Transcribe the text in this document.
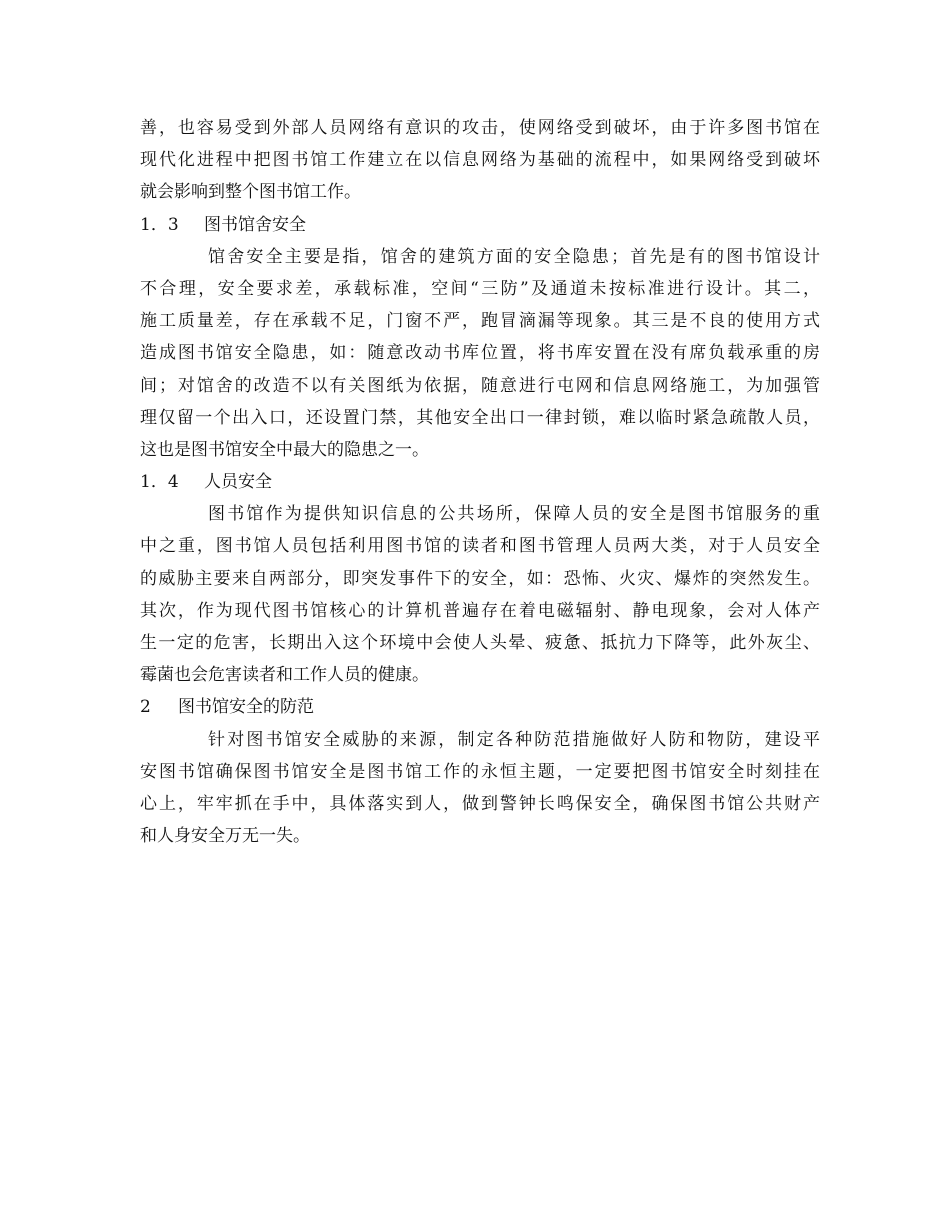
善，也容易受到外部人员网络有意识的攻击，使网络受到破坏，由于许多图书馆在
现代化进程中把图书馆工作建立在以信息网络为基础的流程中，如果网络受到破坏
就会影响到整个图书馆工作。
1．3 图书馆舍安全
馆舍安全主要是指，馆舍的建筑方面的安全隐患；首先是有的图书馆设计
不合理，安全要求差，承载标准，空间“三防”及通道未按标准进行设计。其二，
施工质量差，存在承载不足，门窗不严，跑冒滴漏等现象。其三是不良的使用方式
造成图书馆安全隐患，如：随意改动书库位置，将书库安置在没有席负载承重的房
间；对馆舍的改造不以有关图纸为依据，随意进行屯网和信息网络施工，为加强管
理仅留一个出入口，还设置门禁，其他安全出口一律封锁，难以临时紧急疏散人员，
这也是图书馆安全中最大的隐患之一。
1．4 人员安全
图书馆作为提供知识信息的公共场所，保障人员的安全是图书馆服务的重
中之重，图书馆人员包括利用图书馆的读者和图书管理人员两大类，对于人员安全
的威胁主要来自两部分，即突发事件下的安全，如：恐怖、火灾、爆炸的突然发生。
其次，作为现代图书馆核心的计算机普遍存在着电磁辐射、静电现象，会对人体产
生一定的危害，长期出入这个环境中会使人头晕、疲惫、抵抗力下降等，此外灰尘、
霉菌也会危害读者和工作人员的健康。
2 图书馆安全的防范
针对图书馆安全威胁的来源，制定各种防范措施做好人防和物防，建设平
安图书馆确保图书馆安全是图书馆工作的永恒主题，一定要把图书馆安全时刻挂在
心上，牢牢抓在手中，具体落实到人，做到警钟长鸣保安全，确保图书馆公共财产
和人身安全万无一失。
